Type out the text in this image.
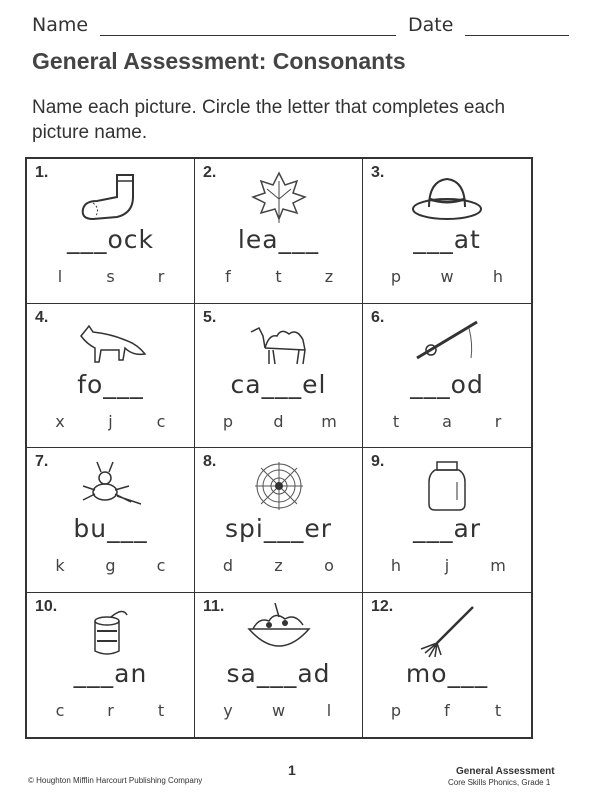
Name	Date
General Assessment: Consonants
Name each picture. Circle the letter that completes each picture name.
1.
___ock
l	s	r
2.
lea___
f	t	z
3.
___at
p	w	h
4.
fo___
x	j	c
5.
ca___el
p	d	m
6.
___od
t	a	r
7.
bu___
k	g	c
8.
spi___er
d	z	o
9.
___ar
h	j	m
10.
___an
c	r	t
11.
sa___ad
y	w	l
12.
mo___
p	f	t
© Houghton Mifflin Harcourt Publishing Company
1	General Assessment
Core Skills Phonics, Grade 1
